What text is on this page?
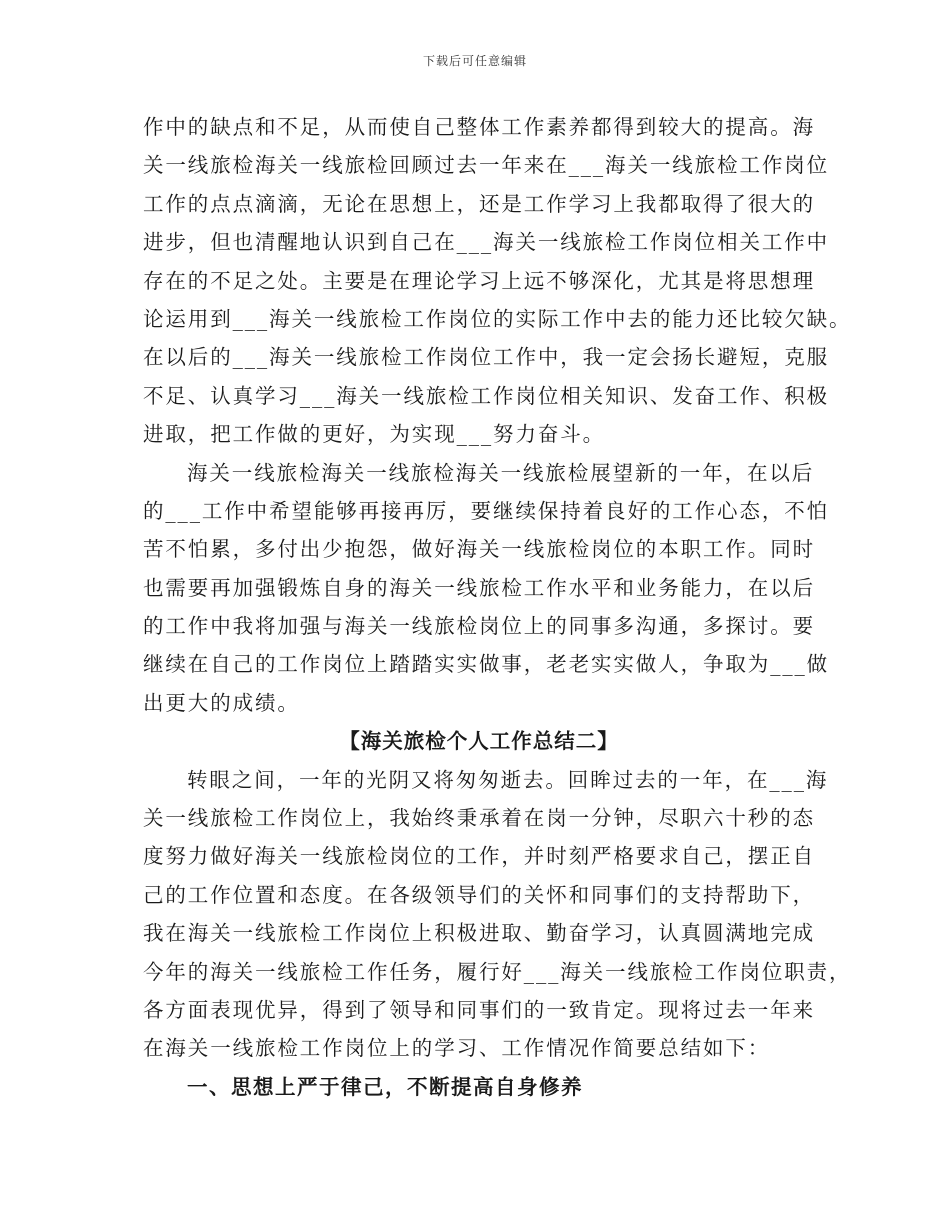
下载后可任意编辑
作中的缺点和不足，从而使自己整体工作素养都得到较大的提高。海
关一线旅检海关一线旅检回顾过去一年来在___海关一线旅检工作岗位
工作的点点滴滴，无论在思想上，还是工作学习上我都取得了很大的
进步，但也清醒地认识到自己在___海关一线旅检工作岗位相关工作中
存在的不足之处。主要是在理论学习上远不够深化，尤其是将思想理
论运用到___海关一线旅检工作岗位的实际工作中去的能力还比较欠缺。
在以后的___海关一线旅检工作岗位工作中，我一定会扬长避短，克服
不足、认真学习___海关一线旅检工作岗位相关知识、发奋工作、积极
进取，把工作做的更好，为实现___努力奋斗。
海关一线旅检海关一线旅检海关一线旅检展望新的一年，在以后
的___工作中希望能够再接再厉，要继续保持着良好的工作心态，不怕
苦不怕累，多付出少抱怨，做好海关一线旅检岗位的本职工作。同时
也需要再加强锻炼自身的海关一线旅检工作水平和业务能力，在以后
的工作中我将加强与海关一线旅检岗位上的同事多沟通，多探讨。要
继续在自己的工作岗位上踏踏实实做事，老老实实做人，争取为___做
出更大的成绩。
【海关旅检个人工作总结二】
转眼之间，一年的光阴又将匆匆逝去。回眸过去的一年，在___海
关一线旅检工作岗位上，我始终秉承着在岗一分钟，尽职六十秒的态
度努力做好海关一线旅检岗位的工作，并时刻严格要求自己，摆正自
己的工作位置和态度。在各级领导们的关怀和同事们的支持帮助下，
我在海关一线旅检工作岗位上积极进取、勤奋学习，认真圆满地完成
今年的海关一线旅检工作任务，履行好___海关一线旅检工作岗位职责，
各方面表现优异，得到了领导和同事们的一致肯定。现将过去一年来
在海关一线旅检工作岗位上的学习、工作情况作简要总结如下：
一、思想上严于律己，不断提高自身修养
